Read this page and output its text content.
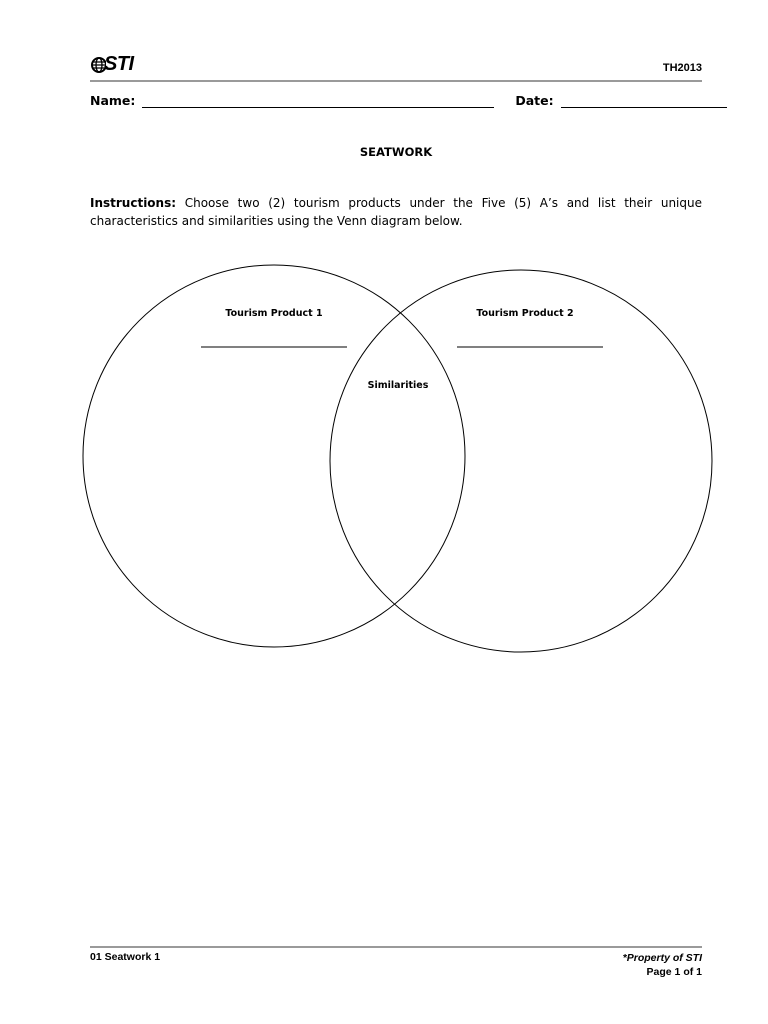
STI	TH2013
Name:	Date:
SEATWORK
Instructions: Choose two (2) tourism products under the Five (5) A’s and list their unique characteristics and similarities using the Venn diagram below.
Tourism Product 1	Tourism Product 2
Similarities
01 Seatwork 1	*Property of STI
Page 1 of 1
